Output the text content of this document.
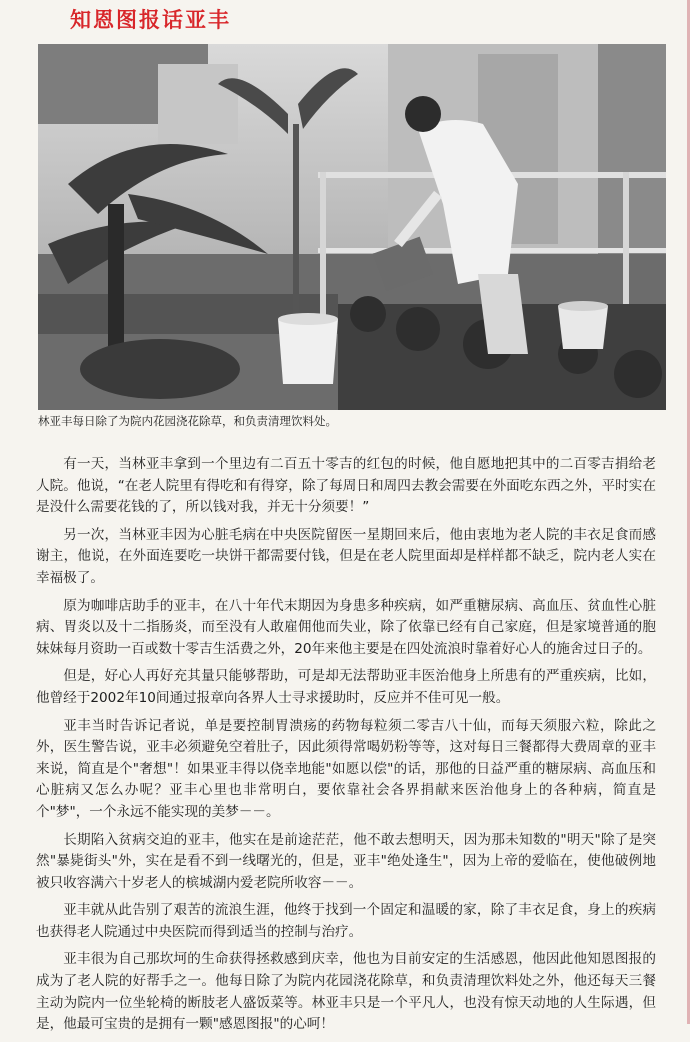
知恩图报话亚丰
林亚丰每日除了为院内花园浇花除草，和负责清理饮料处。

有一天，当林亚丰拿到一个里边有二百五十零吉的红包的时候，他自愿地把其中的二百零吉捐给老人院。他说，“在老人院里有得吃和有得穿，除了每周日和周四去教会需要在外面吃东西之外，平时实在是没什么需要花钱的了，所以钱对我，并无十分须要！”

另一次，当林亚丰因为心脏毛病在中央医院留医一星期回来后，他由衷地为老人院的丰衣足食而感谢主，他说，在外面连要吃一块饼干都需要付钱，但是在老人院里面却是样样都不缺乏，院内老人实在幸福极了。

原为咖啡店助手的亚丰，在八十年代末期因为身患多种疾病，如严重糖尿病、高血压、贫血性心脏病、胃炎以及十二指肠炎，而至没有人敢雇佣他而失业，除了依靠已经有自己家庭，但是家境普通的胞妹妹每月资助一百或数十零吉生活费之外，20年来他主要是在四处流浪时靠着好心人的施舍过日子的。

但是，好心人再好充其量只能够帮助，可是却无法帮助亚丰医治他身上所患有的严重疾病，比如，他曾经于2002年10间通过报章向各界人士寻求援助时，反应并不佳可见一般。

亚丰当时告诉记者说，单是要控制胃溃疡的药物每粒须二零吉八十仙，而每天须服六粒，除此之外，医生警告说，亚丰必须避免空着肚子，因此须得常喝奶粉等等，这对每日三餐都得大费周章的亚丰来说，简直是个"奢想"！如果亚丰得以侥幸地能"如愿以偿"的话，那他的日益严重的糖尿病、高血压和心脏病又怎么办呢？亚丰心里也非常明白，要依靠社会各界捐献来医治他身上的各种病，简直是个"梦"，一个永远不能实现的美梦－－。

长期陷入贫病交迫的亚丰，他实在是前途茫茫，他不敢去想明天，因为那未知数的"明天"除了是突然"暴毙街头"外，实在是看不到一线曙光的，但是，亚丰"绝处逢生"，因为上帝的爱临在，使他破例地被只收容满六十岁老人的槟城湖内爱老院所收容－－。

亚丰就从此告别了艰苦的流浪生涯，他终于找到一个固定和温暖的家，除了丰衣足食，身上的疾病也获得老人院通过中央医院而得到适当的控制与治疗。

亚丰很为自己那坎坷的生命获得拯救感到庆幸，他也为目前安定的生活感恩，他因此他知恩图报的成为了老人院的好帮手之一。他每日除了为院内花园浇花除草，和负责清理饮料处之外，他还每天三餐主动为院内一位坐轮椅的断肢老人盛饭菜等。林亚丰只是一个平凡人，也没有惊天动地的人生际遇，但是，他最可宝贵的是拥有一颗"感恩图报"的心呵！
